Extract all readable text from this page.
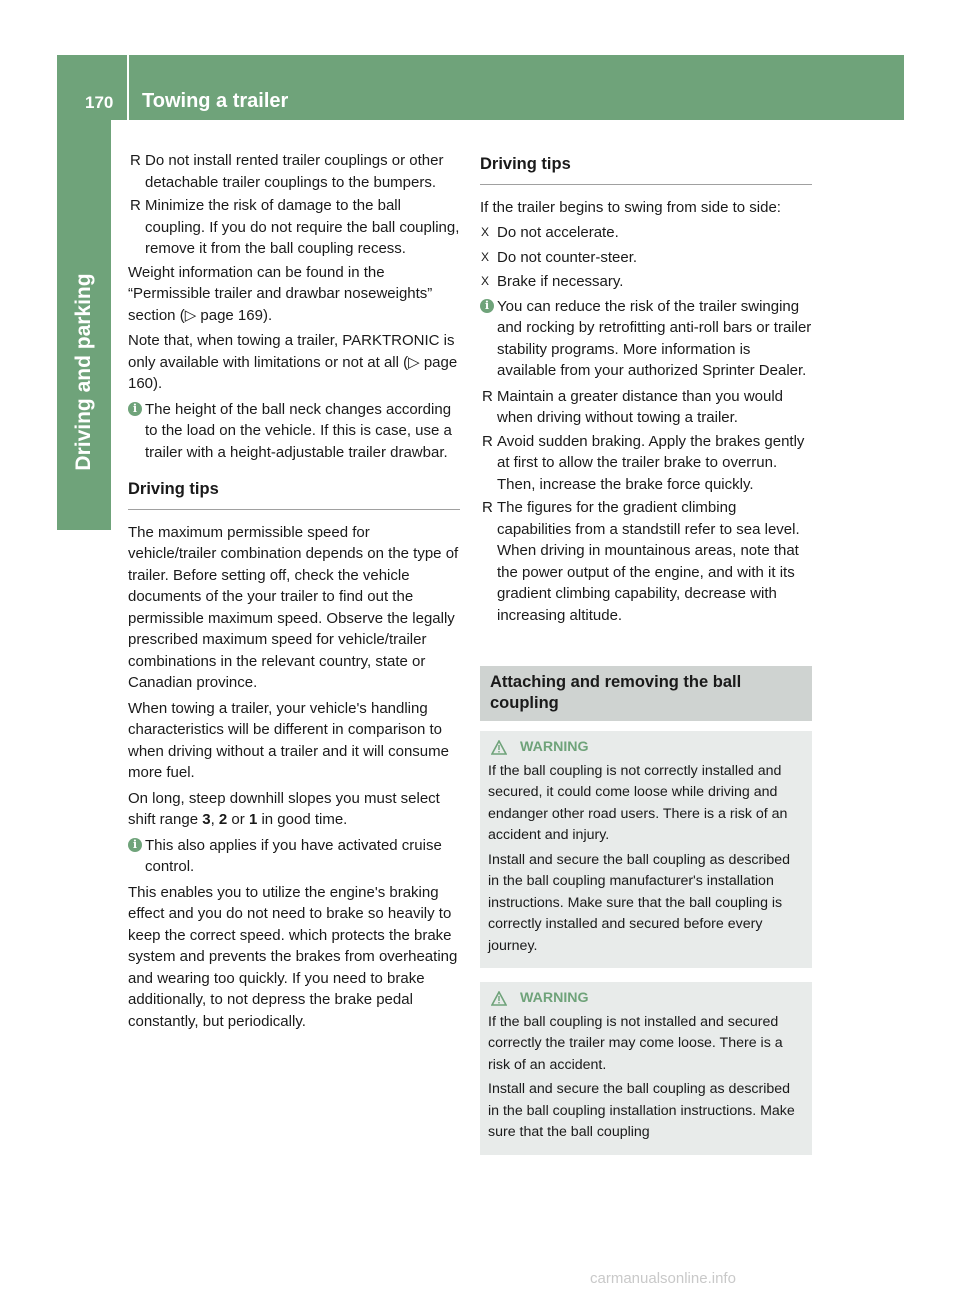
170 Towing a trailer
Driving and parking
R Do not install rented trailer couplings or other detachable trailer couplings to the bumpers.
R Minimize the risk of damage to the ball coupling. If you do not require the ball coupling, remove it from the ball coupling recess.
Weight information can be found in the “Permissible trailer and drawbar noseweights” section (▷ page 169).
Note that, when towing a trailer, PARKTRONIC is only available with limitations or not at all (▷ page 160).
i The height of the ball neck changes according to the load on the vehicle. If this is case, use a trailer with a height-adjustable trailer drawbar.
Driving tips
The maximum permissible speed for vehicle/trailer combination depends on the type of trailer. Before setting off, check the vehicle documents of the your trailer to find out the permissible maximum speed. Observe the legally prescribed maximum speed for vehicle/trailer combinations in the relevant country, state or Canadian province.
When towing a trailer, your vehicle's handling characteristics will be different in comparison to when driving without a trailer and it will consume more fuel.
On long, steep downhill slopes you must select shift range 3, 2 or 1 in good time.
i This also applies if you have activated cruise control.
This enables you to utilize the engine's braking effect and you do not need to brake so heavily to keep the correct speed. which protects the brake system and prevents the brakes from overheating and wearing too quickly. If you need to brake additionally, to not depress the brake pedal constantly, but periodically.
Driving tips
If the trailer begins to swing from side to side:
X Do not accelerate.
X Do not counter-steer.
X Brake if necessary.
i You can reduce the risk of the trailer swinging and rocking by retrofitting anti-roll bars or trailer stability programs. More information is available from your authorized Sprinter Dealer.
R Maintain a greater distance than you would when driving without towing a trailer.
R Avoid sudden braking. Apply the brakes gently at first to allow the trailer brake to overrun. Then, increase the brake force quickly.
R The figures for the gradient climbing capabilities from a standstill refer to sea level. When driving in mountainous areas, note that the power output of the engine, and with it its gradient climbing capability, decrease with increasing altitude.
Attaching and removing the ball coupling
WARNING
If the ball coupling is not correctly installed and secured, it could come loose while driving and endanger other road users. There is a risk of an accident and injury.
Install and secure the ball coupling as described in the ball coupling manufacturer's installation instructions. Make sure that the ball coupling is correctly installed and secured before every journey.
WARNING
If the ball coupling is not installed and secured correctly the trailer may come loose. There is a risk of an accident.
Install and secure the ball coupling as described in the ball coupling installation instructions. Make sure that the ball coupling
carmanualsonline.info
